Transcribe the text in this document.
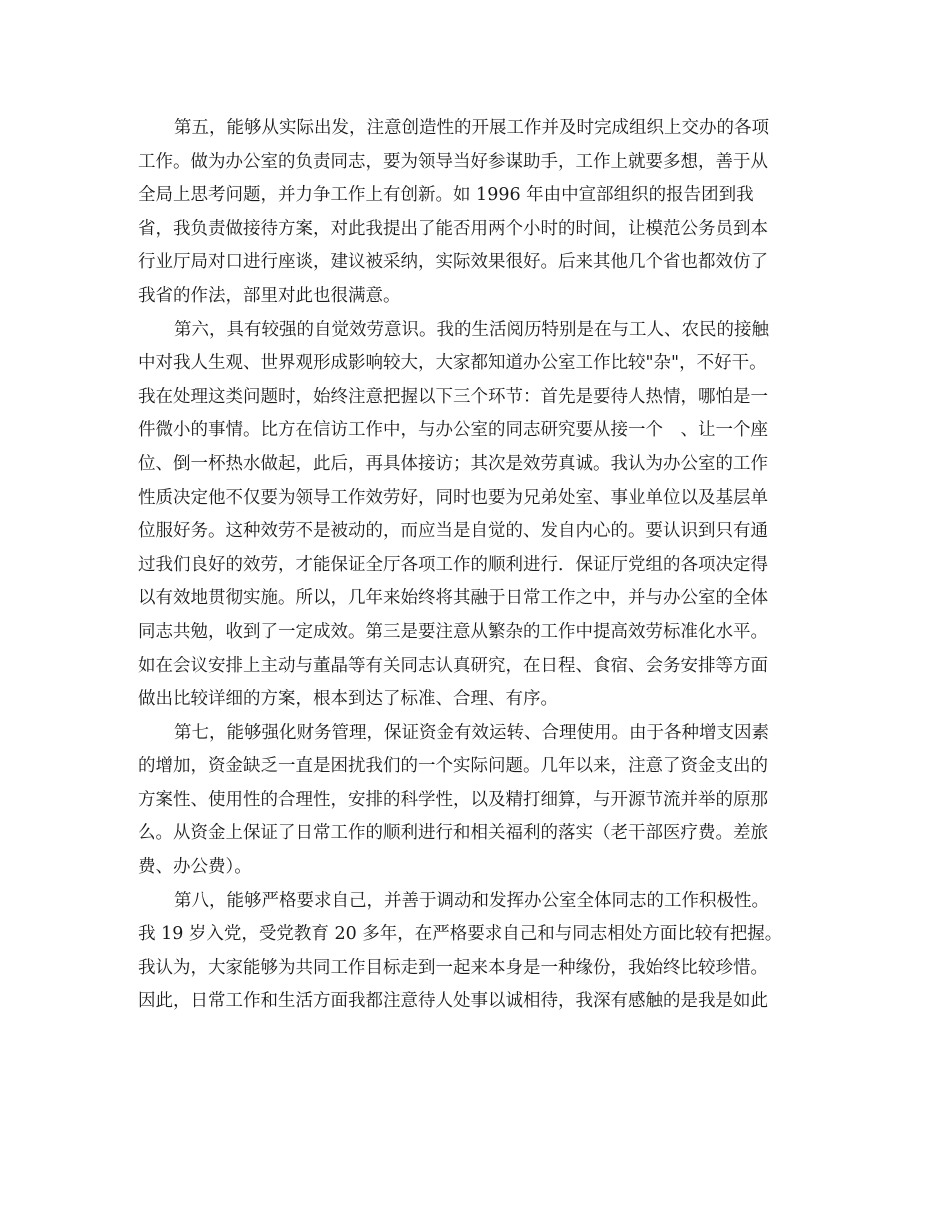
第五，能够从实际出发，注意创造性的开展工作并及时完成组织上交办的各项
工作。做为办公室的负责同志，要为领导当好参谋助手，工作上就要多想，善于从
全局上思考问题，并力争工作上有创新。如 1996 年由中宣部组织的报告团到我
省，我负责做接待方案，对此我提出了能否用两个小时的时间，让模范公务员到本
行业厅局对口进行座谈，建议被采纳，实际效果很好。后来其他几个省也都效仿了
我省的作法，部里对此也很满意。
第六，具有较强的自觉效劳意识。我的生活阅历特别是在与工人、农民的接触
中对我人生观、世界观形成影响较大，大家都知道办公室工作比较"杂"，不好干。
我在处理这类问题时，始终注意把握以下三个环节：首先是要待人热情，哪怕是一
件微小的事情。比方在信访工作中，与办公室的同志研究要从接一个　、让一个座
位、倒一杯热水做起，此后，再具体接访；其次是效劳真诚。我认为办公室的工作
性质决定他不仅要为领导工作效劳好，同时也要为兄弟处室、事业单位以及基层单
位服好务。这种效劳不是被动的，而应当是自觉的、发自内心的。要认识到只有通
过我们良好的效劳，才能保证全厅各项工作的顺利进行．保证厅党组的各项决定得
以有效地贯彻实施。所以，几年来始终将其融于日常工作之中，并与办公室的全体
同志共勉，收到了一定成效。第三是要注意从繁杂的工作中提高效劳标准化水平。
如在会议安排上主动与董晶等有关同志认真研究，在日程、食宿、会务安排等方面
做出比较详细的方案，根本到达了标准、合理、有序。
第七，能够强化财务管理，保证资金有效运转、合理使用。由于各种增支因素
的增加，资金缺乏一直是困扰我们的一个实际问题。几年以来，注意了资金支出的
方案性、使用性的合理性，安排的科学性，以及精打细算，与开源节流并举的原那
么。从资金上保证了日常工作的顺利进行和相关福利的落实（老干部医疗费。差旅
费、办公费）。
第八，能够严格要求自己，并善于调动和发挥办公室全体同志的工作积极性。
我 19 岁入党，受党教育 20 多年，在严格要求自己和与同志相处方面比较有把握。
我认为，大家能够为共同工作目标走到一起来本身是一种缘份，我始终比较珍惜。
因此，日常工作和生活方面我都注意待人处事以诚相待，我深有感触的是我是如此
